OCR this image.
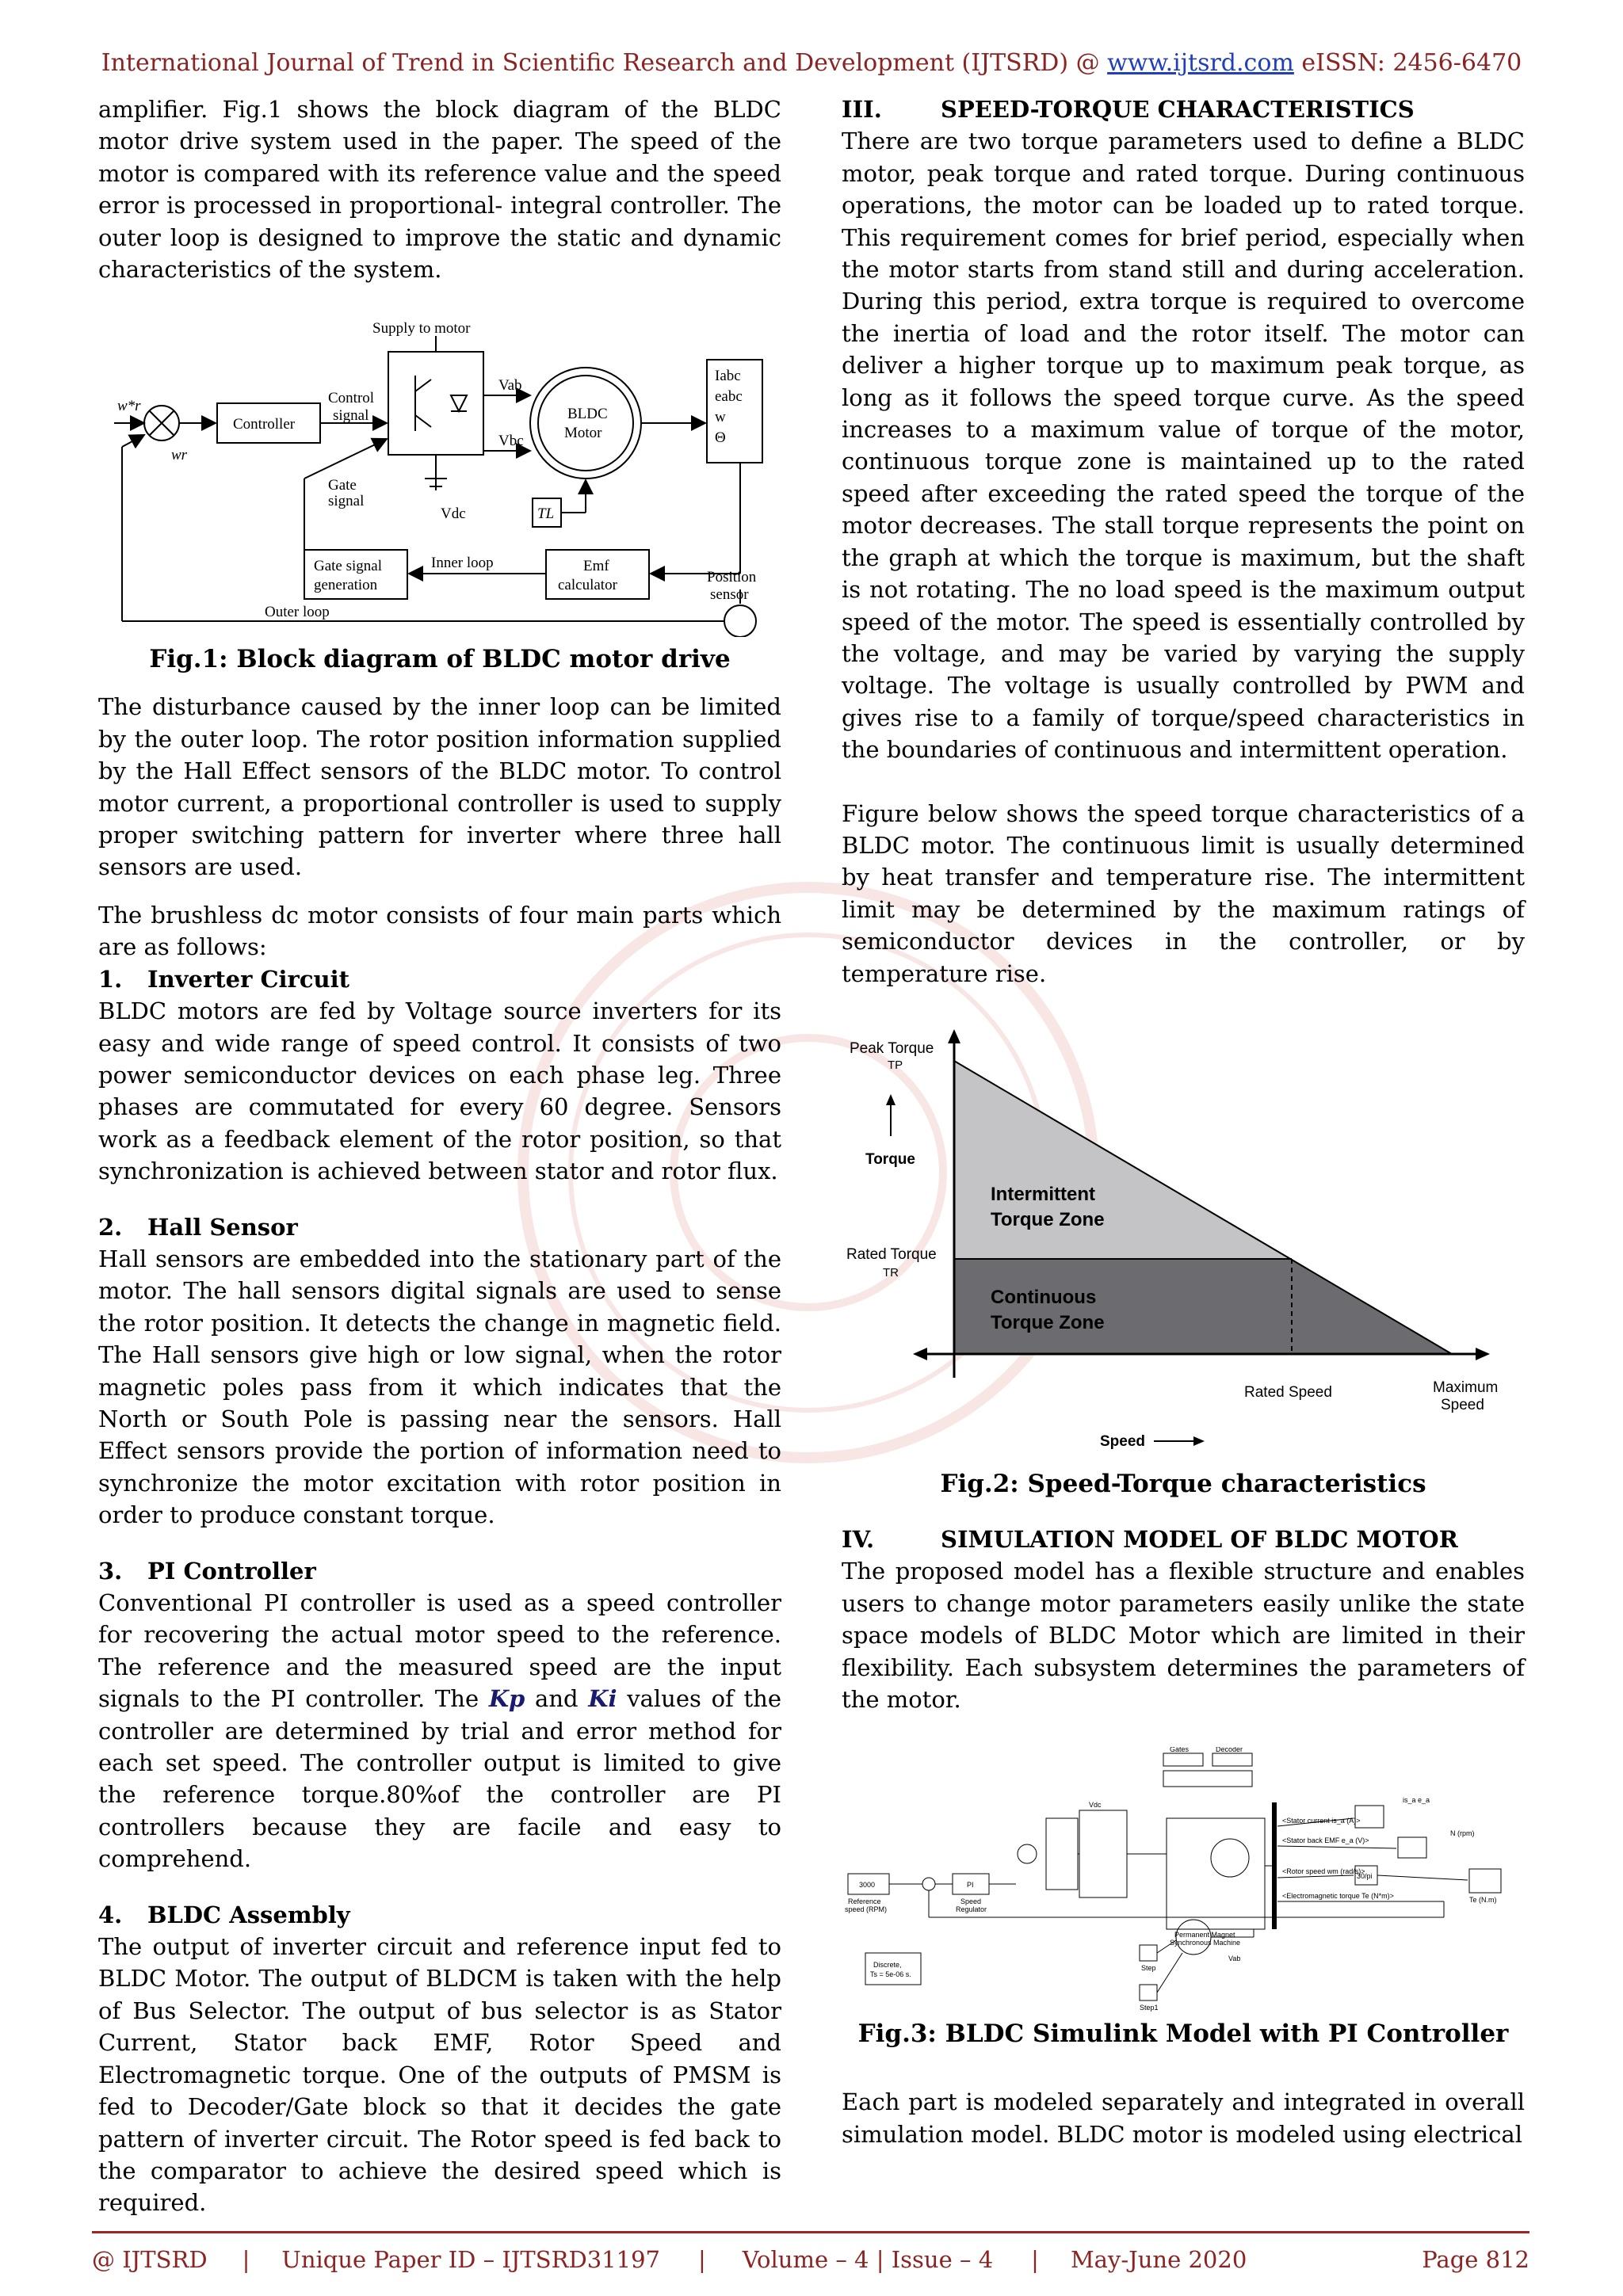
International Journal of Trend in Scientific Research and Development (IJTSRD) @ www.ijtsrd.com eISSN: 2456-6470

amplifier. Fig.1 shows the block diagram of the BLDC motor drive system used in the paper. The speed of the motor is compared with its reference value and the speed error is processed in proportional- integral controller. The outer loop is designed to improve the static and dynamic characteristics of the system.

Supply to motor
w*r
wr
Controller
Control
signal
Vab
Vbc
Vdc	TL
BLDC
Motor
Gate
signal
Iabc
eabc
w
Θ
Gate signal
generation
Inner loop	Emf
calculator	Position
sensor
Outer loop
Fig.1: Block diagram of BLDC motor drive

The disturbance caused by the inner loop can be limited by the outer loop. The rotor position information supplied by the Hall Effect sensors of the BLDC motor. To control motor current, a proportional controller is used to supply proper switching pattern for inverter where three hall sensors are used.

The brushless dc motor consists of four main parts which are as follows:

1. Inverter Circuit

BLDC motors are fed by Voltage source inverters for its easy and wide range of speed control. It consists of two power semiconductor devices on each phase leg. Three phases are commutated for every 60 degree. Sensors work as a feedback element of the rotor position, so that synchronization is achieved between stator and rotor flux.

2. Hall Sensor

Hall sensors are embedded into the stationary part of the motor. The hall sensors digital signals are used to sense the rotor position. It detects the change in magnetic field. The Hall sensors give high or low signal, when the rotor magnetic poles pass from it which indicates that the North or South Pole is passing near the sensors. Hall Effect sensors provide the portion of information need to synchronize the motor excitation with rotor position in order to produce constant torque.

3. PI Controller

Conventional PI controller is used as a speed controller for recovering the actual motor speed to the reference. The reference and the measured speed are the input signals to the PI controller. The Kp and Ki values of the controller are determined by trial and error method for each set speed. The controller output is limited to give the reference torque.80%of the controller are PI controllers because they are facile and easy to comprehend.

4. BLDC Assembly

The output of inverter circuit and reference input fed to BLDC Motor. The output of BLDCM is taken with the help of Bus Selector. The output of bus selector is as Stator Current, Stator back EMF, Rotor Speed and Electromagnetic torque. One of the outputs of PMSM is fed to Decoder/Gate block so that it decides the gate pattern of inverter circuit. The Rotor speed is fed back to the comparator to achieve the desired speed which is required.

III.	SPEED-TORQUE CHARACTERISTICS

There are two torque parameters used to define a BLDC motor, peak torque and rated torque. During continuous operations, the motor can be loaded up to rated torque. This requirement comes for brief period, especially when the motor starts from stand still and during acceleration. During this period, extra torque is required to overcome the inertia of load and the rotor itself. The motor can deliver a higher torque up to maximum peak torque, as long as it follows the speed torque curve. As the speed increases to a maximum value of torque of the motor, continuous torque zone is maintained up to the rated speed after exceeding the rated speed the torque of the motor decreases. The stall torque represents the point on the graph at which the torque is maximum, but the shaft is not rotating. The no load speed is the maximum output speed of the motor. The speed is essentially controlled by the voltage, and may be varied by varying the supply voltage. The voltage is usually controlled by PWM and gives rise to a family of torque/speed characteristics in the boundaries of continuous and intermittent operation.

Figure below shows the speed torque characteristics of a BLDC motor. The continuous limit is usually determined by heat transfer and temperature rise. The intermittent limit may be determined by the maximum ratings of semiconductor devices in the controller, or by temperature rise.

Peak Torque
TP
Torque
Rated Torque
TR
Intermittent
Torque Zone
Continuous
Torque Zone
Rated Speed	Maximum
Speed
Speed
Fig.2: Speed-Torque characteristics
IV.	SIMULATION MODEL OF BLDC MOTOR

The proposed model has a flexible structure and enables users to change motor parameters easily unlike the state space models of BLDC Motor which are limited in their flexibility. Each subsystem determines the parameters of the motor.

Gates	Decoder
3000
Reference
speed (RPM)
PI
Speed
Regulator
Permanent Magnet
Synchronous Machine
Discrete,
Ts = 5e-06 s.
Step
Step1
<Stator current is_a (A)>
<Stator back EMF e_a (V)>
<Rotor speed wm (rad/s)>
<Electromagnetic torque Te (N*m)>
is_a e_a
N (rpm)
Te (N.m)
30/pi
Vdc
Vab
Fig.3: BLDC Simulink Model with PI Controller

Each part is modeled separately and integrated in overall simulation model. BLDC motor is modeled using electrical

@ IJTSRD | Unique Paper ID – IJTSRD31197 | Volume – 4 | Issue – 4 | May-June 2020	Page 812
